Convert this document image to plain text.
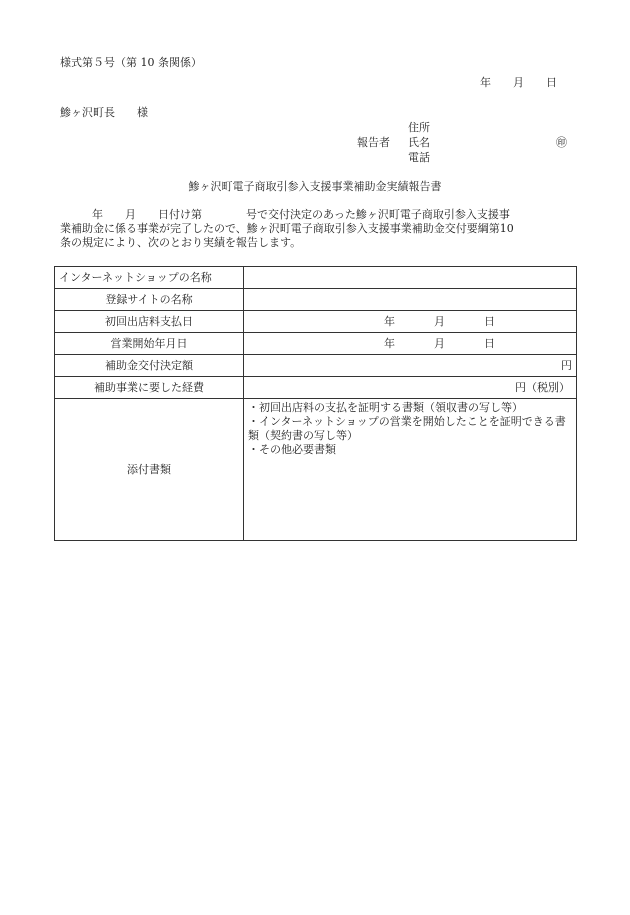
様式第５号（第 10 条関係）
年 月 日
鯵ヶ沢町長　　様
報告者
住所
氏名
電話
㊞
鯵ヶ沢町電子商取引参入支援事業補助金実績報告書
年　　月　　日付け第　　　　号で交付決定のあった鯵ヶ沢町電子商取引参入支援事
業補助金に係る事業が完了したので、鯵ヶ沢町電子商取引参入支援事業補助金交付要綱第10
条の規定により、次のとおり実績を報告します。
インターネットショップの名称	
登録サイトの名称	
初回出店料支払日	年 月 日

営業開始年月日	年 月 日

補助金交付決定額	円
補助事業に要した経費	円（税別）
添付書類	・初回出店料の支払を証明する書類（領収書の写し等）
・インターネットショップの営業を開始したことを証明できる書類（契約書の写し等）
・その他必要書類
